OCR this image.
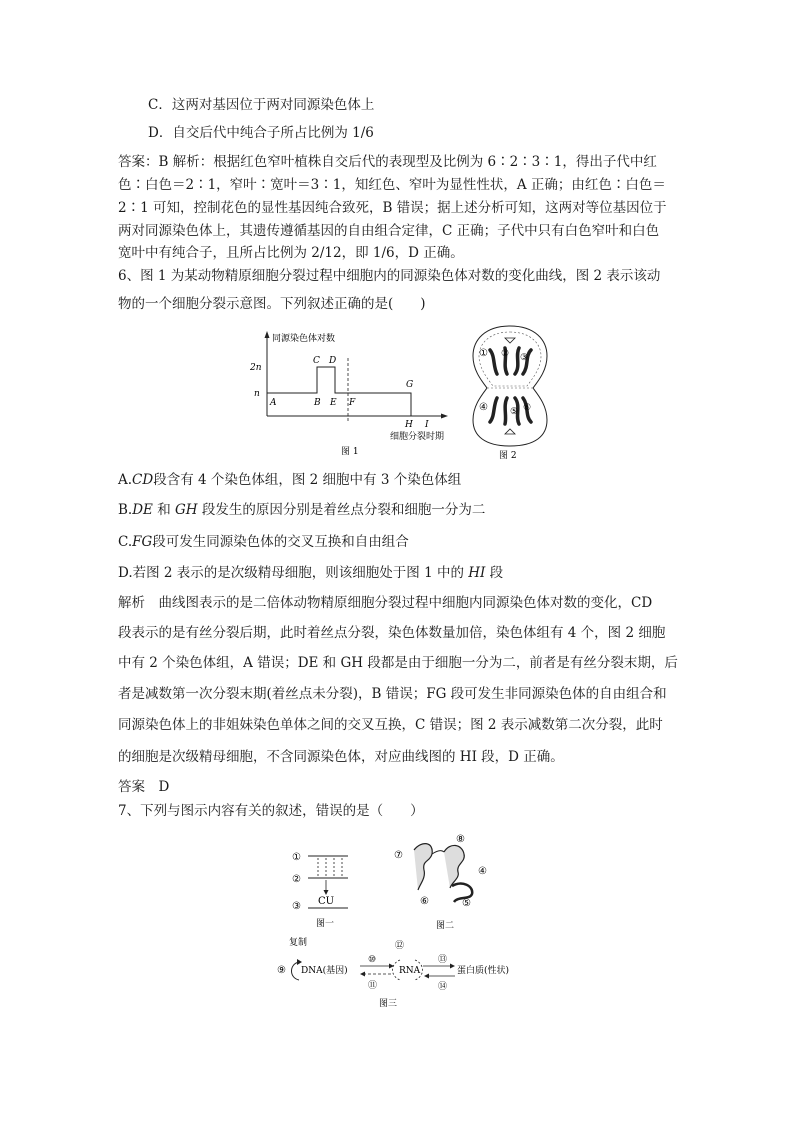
C．这两对基因位于两对同源染色体上
D．自交后代中纯合子所占比例为 1/6
答案：B 解析：根据红色窄叶植株自交后代的表现型及比例为 6∶2∶3∶1，得出子代中红
色∶白色＝2∶1，窄叶∶宽叶＝3∶1，知红色、窄叶为显性性状，A 正确；由红色∶白色＝
2∶1 可知，控制花色的显性基因纯合致死，B 错误；据上述分析可知，这两对等位基因位于
两对同源染色体上，其遗传遵循基因的自由组合定律，C 正确；子代中只有白色窄叶和白色
宽叶中有纯合子，且所占比例为 2/12，即 1/6，D 正确。
6、图 1 为某动物精原细胞分裂过程中细胞内的同源染色体对数的变化曲线，图 2 表示该动
物的一个细胞分裂示意图。下列叙述正确的是(　　)
同源染色体对数
2n
n
A	B
C D
E F
G
H I
细胞分裂时期
图 1
① ② ③
④ ⑤ ⑥
图 2
A.CD段含有 4 个染色体组，图 2 细胞中有 3 个染色体组
B.DE 和 GH 段发生的原因分别是着丝点分裂和细胞一分为二
C.FG段可发生同源染色体的交叉互换和自由组合
D.若图 2 表示的是次级精母细胞，则该细胞处于图 1 中的 HI 段
解析　曲线图表示的是二倍体动物精原细胞分裂过程中细胞内同源染色体对数的变化，CD
段表示的是有丝分裂后期，此时着丝点分裂，染色体数量加倍，染色体组有 4 个，图 2 细胞
中有 2 个染色体组，A 错误；DE 和 GH 段都是由于细胞一分为二，前者是有丝分裂末期，后
者是减数第一次分裂末期(着丝点未分裂)，B 错误；FG 段可发生非同源染色体的自由组合和
同源染色体上的非姐妹染色单体之间的交叉互换，C 错误；图 2 表示减数第二次分裂，此时
的细胞是次级精母细胞，不含同源染色体，对应曲线图的 HI 段，D 正确。
答案　D
7、下列与图示内容有关的叙述，错误的是（　　）
①
②
③ CU
图一
⑦
⑧
④
⑥	⑤
图二
复制
⑨ DNA(基因)
⑩
⑪
⑫
RNA
⑬
⑭
蛋白质(性状)
图三
